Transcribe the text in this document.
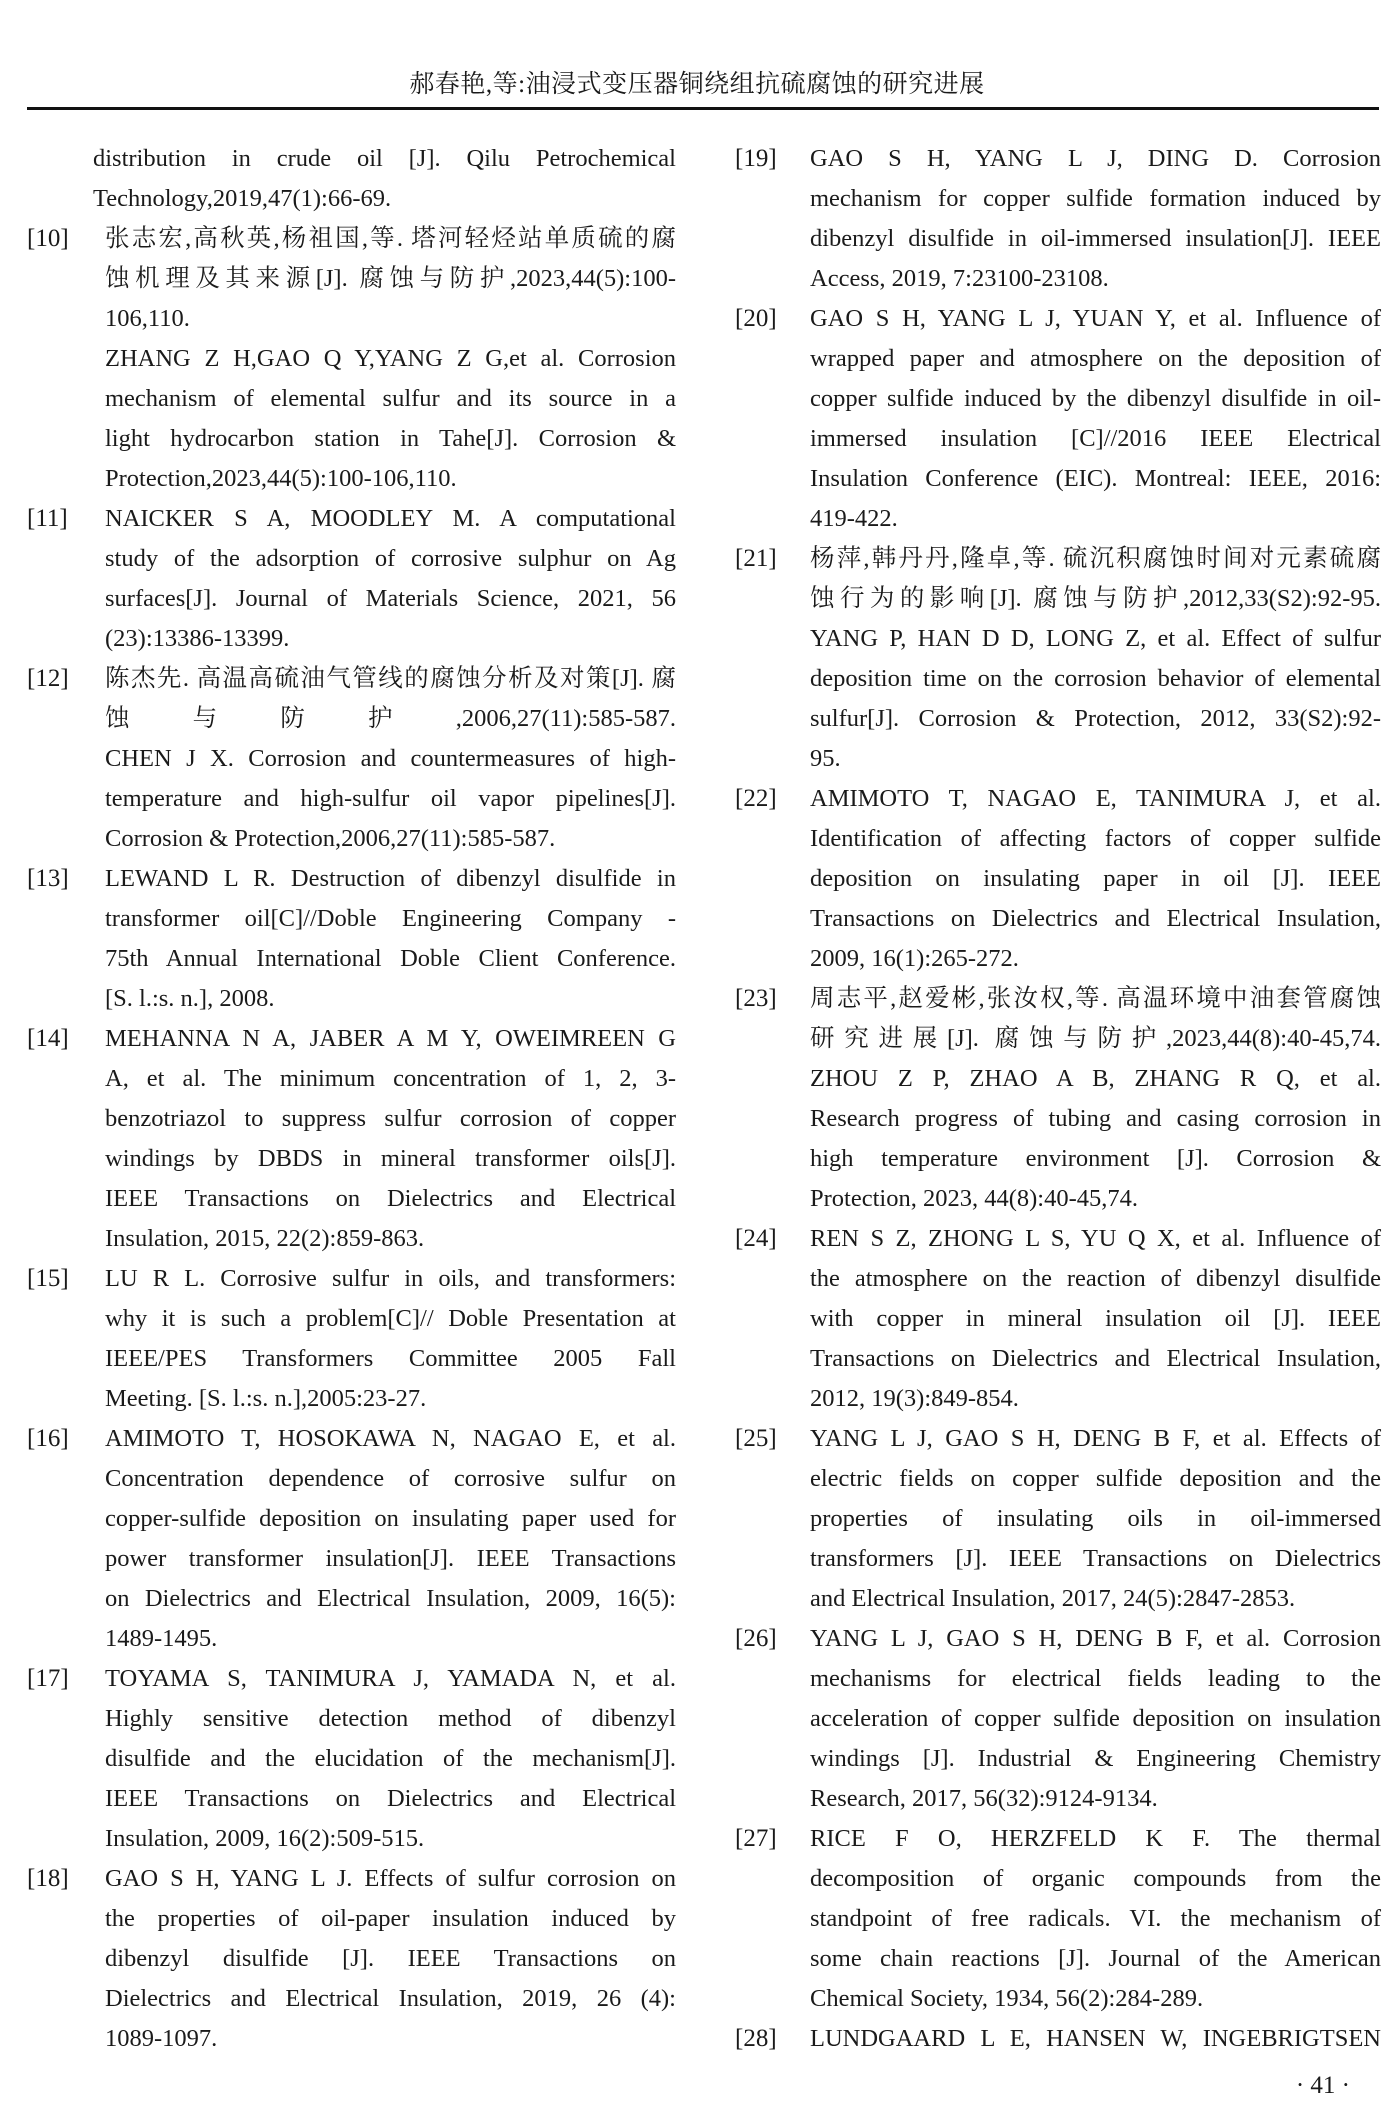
郝春艳,等:油浸式变压器铜绕组抗硫腐蚀的研究进展
distribution in crude oil [J]. Qilu Petrochemical
Technology,2019,47(1):66-69.
[10] 张志宏,高秋英,杨祖国,等. 塔河轻烃站单质硫的腐
蚀机理及其来源[J]. 腐蚀与防护,2023,44(5):100-
106,110.
ZHANG Z H,GAO Q Y,YANG Z G,et al. Corrosion
mechanism of elemental sulfur and its source in a
light hydrocarbon station in Tahe[J]. Corrosion &
Protection,2023,44(5):100-106,110.
[11] NAICKER S A, MOODLEY M. A computational
study of the adsorption of corrosive sulphur on Ag
surfaces[J]. Journal of Materials Science, 2021, 56
(23):13386-13399.
[12] 陈杰先. 高温高硫油气管线的腐蚀分析及对策[J]. 腐
蚀与防护,2006,27(11):585-587.
CHEN J X. Corrosion and countermeasures of high-
temperature and high-sulfur oil vapor pipelines[J].
Corrosion & Protection,2006,27(11):585-587.
[13] LEWAND L R. Destruction of dibenzyl disulfide in
transformer oil[C]//Doble Engineering Company -
75th Annual International Doble Client Conference.
[S. l.:s. n.], 2008.
[14] MEHANNA N A, JABER A M Y, OWEIMREEN G
A, et al. The minimum concentration of 1, 2, 3-
benzotriazol to suppress sulfur corrosion of copper
windings by DBDS in mineral transformer oils[J].
IEEE Transactions on Dielectrics and Electrical
Insulation, 2015, 22(2):859-863.
[15] LU R L. Corrosive sulfur in oils, and transformers:
why it is such a problem[C]// Doble Presentation at
IEEE/PES Transformers Committee 2005 Fall
Meeting. [S. l.:s. n.],2005:23-27.
[16] AMIMOTO T, HOSOKAWA N, NAGAO E, et al.
Concentration dependence of corrosive sulfur on
copper-sulfide deposition on insulating paper used for
power transformer insulation[J]. IEEE Transactions
on Dielectrics and Electrical Insulation, 2009, 16(5):
1489-1495.
[17] TOYAMA S, TANIMURA J, YAMADA N, et al.
Highly sensitive detection method of dibenzyl
disulfide and the elucidation of the mechanism[J].
IEEE Transactions on Dielectrics and Electrical
Insulation, 2009, 16(2):509-515.
[18] GAO S H, YANG L J. Effects of sulfur corrosion on
the properties of oil-paper insulation induced by
dibenzyl disulfide [J]. IEEE Transactions on
Dielectrics and Electrical Insulation, 2019, 26 (4):
1089-1097.
[19] GAO S H, YANG L J, DING D. Corrosion
mechanism for copper sulfide formation induced by
dibenzyl disulfide in oil-immersed insulation[J]. IEEE
Access, 2019, 7:23100-23108.
[20] GAO S H, YANG L J, YUAN Y, et al. Influence of
wrapped paper and atmosphere on the deposition of
copper sulfide induced by the dibenzyl disulfide in oil-
immersed insulation [C]//2016 IEEE Electrical
Insulation Conference (EIC). Montreal: IEEE, 2016:
419-422.
[21] 杨萍,韩丹丹,隆卓,等. 硫沉积腐蚀时间对元素硫腐
蚀行为的影响[J]. 腐蚀与防护,2012,33(S2):92-95.
YANG P, HAN D D, LONG Z, et al. Effect of sulfur
deposition time on the corrosion behavior of elemental
sulfur[J]. Corrosion & Protection, 2012, 33(S2):92-
95.
[22] AMIMOTO T, NAGAO E, TANIMURA J, et al.
Identification of affecting factors of copper sulfide
deposition on insulating paper in oil [J]. IEEE
Transactions on Dielectrics and Electrical Insulation,
2009, 16(1):265-272.
[23] 周志平,赵爱彬,张汝权,等. 高温环境中油套管腐蚀
研究进展[J]. 腐蚀与防护,2023,44(8):40-45,74.
ZHOU Z P, ZHAO A B, ZHANG R Q, et al.
Research progress of tubing and casing corrosion in
high temperature environment [J]. Corrosion &
Protection, 2023, 44(8):40-45,74.
[24] REN S Z, ZHONG L S, YU Q X, et al. Influence of
the atmosphere on the reaction of dibenzyl disulfide
with copper in mineral insulation oil [J]. IEEE
Transactions on Dielectrics and Electrical Insulation,
2012, 19(3):849-854.
[25] YANG L J, GAO S H, DENG B F, et al. Effects of
electric fields on copper sulfide deposition and the
properties of insulating oils in oil-immersed
transformers [J]. IEEE Transactions on Dielectrics
and Electrical Insulation, 2017, 24(5):2847-2853.
[26] YANG L J, GAO S H, DENG B F, et al. Corrosion
mechanisms for electrical fields leading to the
acceleration of copper sulfide deposition on insulation
windings [J]. Industrial & Engineering Chemistry
Research, 2017, 56(32):9124-9134.
[27] RICE F O, HERZFELD K F. The thermal
decomposition of organic compounds from the
standpoint of free radicals. VI. the mechanism of
some chain reactions [J]. Journal of the American
Chemical Society, 1934, 56(2):284-289.
[28] LUNDGAARD L E, HANSEN W, INGEBRIGTSEN
· 41 ·
